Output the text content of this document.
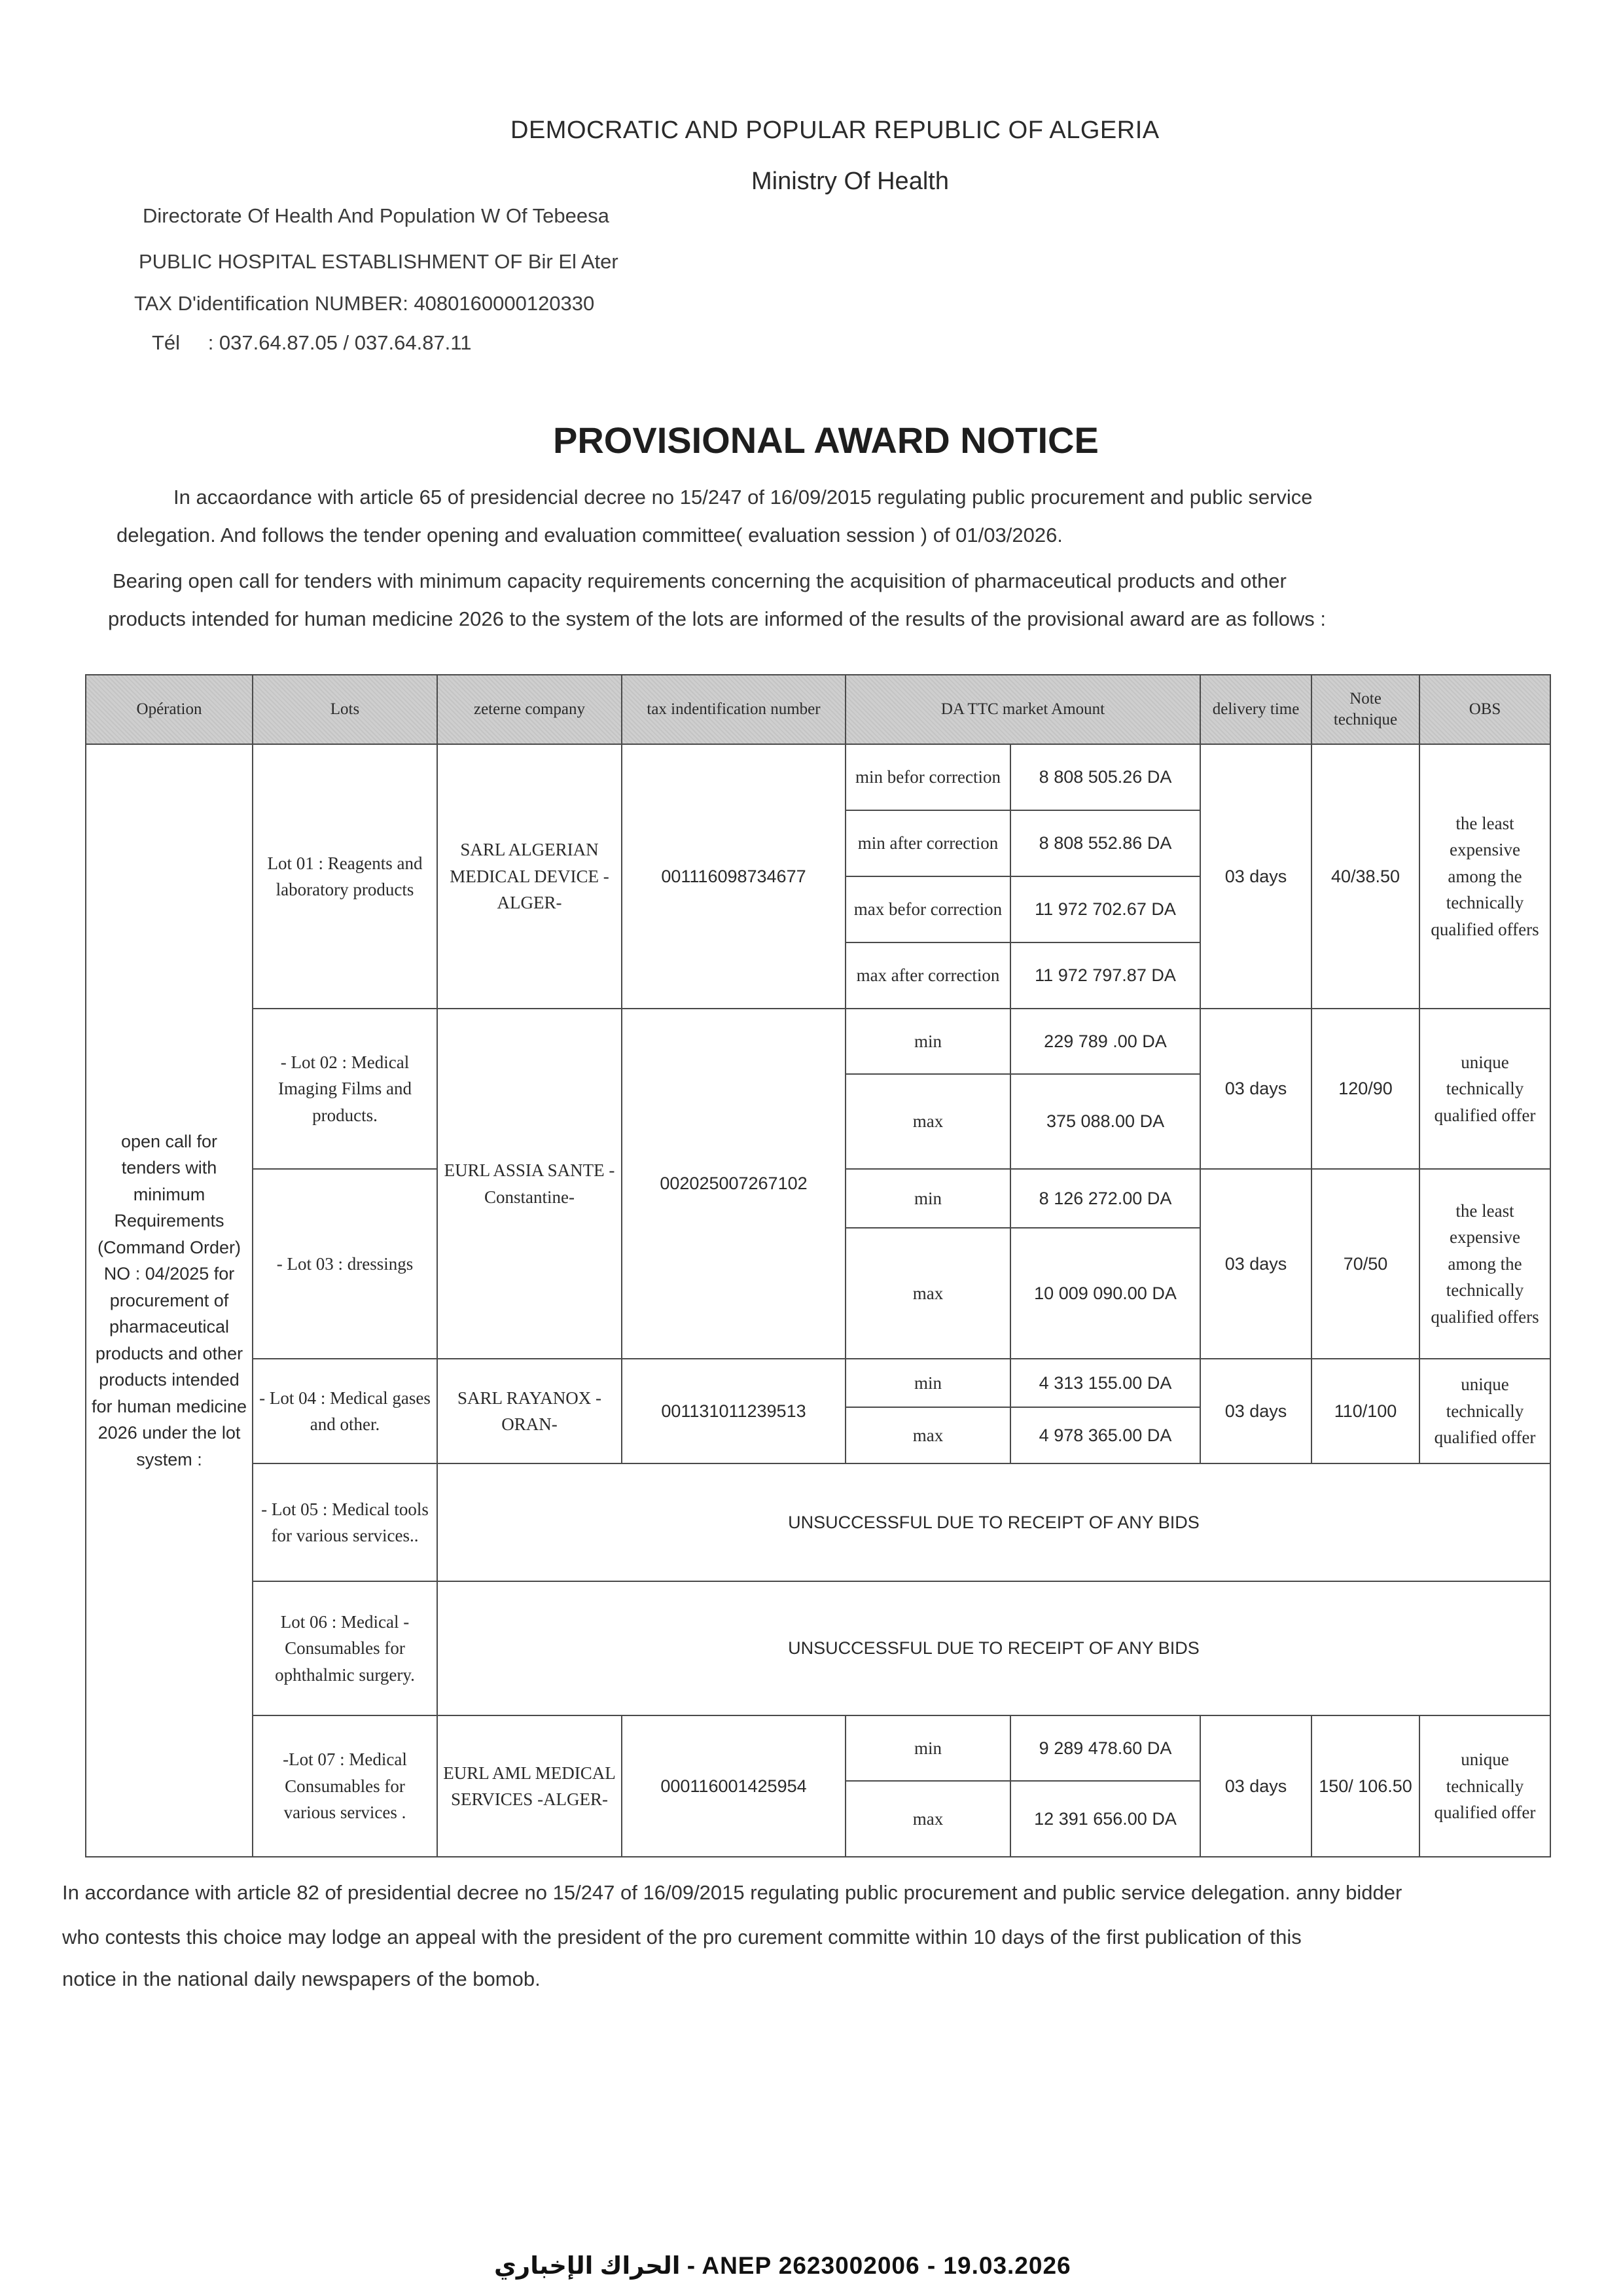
DEMOCRATIC AND POPULAR REPUBLIC OF ALGERIA
Ministry Of Health
Directorate Of Health And Population W Of Tebeesa
PUBLIC HOSPITAL ESTABLISHMENT OF Bir El Ater
TAX D'identification NUMBER: 4080160000120330
Tél : 037.64.87.05 / 037.64.87.11
PROVISIONAL AWARD NOTICE
In accaordance with article 65 of presidencial decree no 15/247 of 16/09/2015 regulating public procurement and public service
delegation. And follows the tender opening and evaluation committee( evaluation session ) of 01/03/2026.
Bearing open call for tenders with minimum capacity requirements concerning the acquisition of pharmaceutical products and other
products intended for human medicine 2026 to the system of the lots are informed of the results of the provisional award are as follows :
Opération	Lots	zeterne company	tax indentification number	DA TTC market Amount		delivery time	Note technique	OBS
open call for tenders with minimum Requirements (Command Order) NO : 04/2025 for procurement of pharmaceutical products and other products intended for human medicine 2026 under the lot system :	Lot 01 : Reagents and laboratory products	SARL ALGERIAN MEDICAL DEVICE -ALGER-	001116098734677	min befor correction	8 808 505.26 DA	03 days	40/38.50	the least expensive among the technically qualified offers
				min after correction	8 808 552.86 DA			
				max befor correction	11 972 702.67 DA			
				max after correction	11 972 797.87 DA			
	- Lot 02 : Medical Imaging Films and products.	EURL ASSIA SANTE -Constantine-	002025007267102	min	229 789 .00 DA	03 days	120/90	unique technically qualified offer
				max	375 088.00 DA			
	- Lot 03 : dressings			min	8 126 272.00 DA	03 days	70/50	the least expensive among the technically qualified offers
				max	10 009 090.00 DA			
	- Lot 04 : Medical gases and other.	SARL RAYANOX -ORAN-	001131011239513	min	4 313 155.00 DA	03 days	110/100	unique technically qualified offer
				max	4 978 365.00 DA			
	- Lot 05 : Medical tools for various services..	UNSUCCESSFUL DUE TO RECEIPT OF ANY BIDS						
	Lot 06 : Medical - Consumables for ophthalmic surgery.	UNSUCCESSFUL DUE TO RECEIPT OF ANY BIDS						
	-Lot 07 : Medical Consumables for various services .	EURL AML MEDICAL SERVICES -ALGER-	000116001425954	min	9 289 478.60 DA	03 days	150/ 106.50	unique technically qualified offer
				max	12 391 656.00 DA			
In accordance with article 82 of presidential decree no 15/247 of 16/09/2015 regulating public procurement and public service delegation. anny bidder
who contests this choice may lodge an appeal with the president of the pro curement committe within 10 days of the first publication of this
notice in the national daily newspapers of the bomob.
الحراك الإخباري - ANEP 2623002006 - 19.03.2026
